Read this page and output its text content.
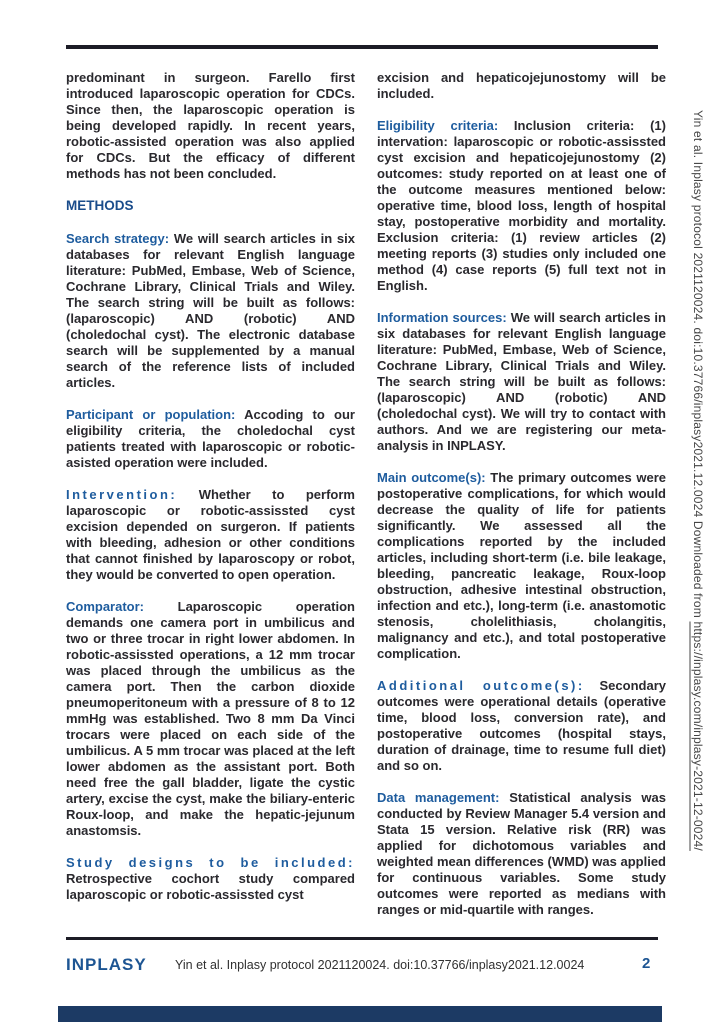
predominant in surgeon. Farello first introduced laparoscopic operation for CDCs. Since then, the laparoscopic operation is being developed rapidly. In recent years, robotic-assisted operation was also applied for CDCs. But the efficacy of different methods has not been concluded.

METHODS

Search strategy: We will search articles in six databases for relevant English language literature: PubMed, Embase, Web of Science, Cochrane Library, Clinical Trials and Wiley. The search string will be built as follows: (laparoscopic) AND (robotic) AND (choledochal cyst). The electronic database search will be supplemented by a manual search of the reference lists of included articles.

Participant or population: Accoding to our eligibility criteria, the choledochal cyst patients treated with laparoscopic or robotic-asisted operation were included.

Intervention: Whether to perform laparoscopic or robotic-assissted cyst excision depended on surgeron. If patients with bleeding, adhesion or other conditions that cannot finished by laparoscopy or robot, they would be converted to open operation.

Comparator:	Laparoscopic operation demands one camera port in umbilicus and two or three trocar in right lower abdomen. In robotic-assissted operations, a 12 mm trocar was placed through the umbilicus as the camera port. Then the carbon dioxide pneumoperitoneum with a pressure of 8 to 12 mmHg was established. Two 8 mm Da Vinci trocars were placed on each side of the umbilicus. A 5 mm trocar was placed at the left lower abdomen as the assistant port. Both need free the gall bladder, ligate the cystic artery, excise the cyst, make the biliary-enteric Roux-loop, and make the hepatic-jejunum anastomsis.

Study designs to be included: Retrospective cochort study compared laparoscopic or robotic-assissted cyst

excision and hepaticojejunostomy will be included.

Eligibility criteria: Inclusion criteria: (1) intervation: laparoscopic or robotic-assissted cyst excision and hepaticojejunostomy (2) outcomes: study reported on at least one of the outcome measures mentioned below: operative time, blood loss, length of hospital stay, postoperative morbidity and mortality. Exclusion criteria: (1) review articles (2) meeting reports (3) studies only included one method (4) case reports (5) full text not in English.

Information sources: We will search articles in six databases for relevant English language literature: PubMed, Embase, Web of Science, Cochrane Library, Clinical Trials and Wiley. The search string will be built as follows: (laparoscopic) AND (robotic) AND (choledochal cyst). We will try to contact with authors. And we are registering our meta-analysis in INPLASY.

Main outcome(s): The primary outcomes were postoperative complications, for which would decrease the quality of life for patients significantly. We assessed all the complications reported by the included articles, including short-term (i.e. bile leakage, bleeding, pancreatic leakage, Roux-loop obstruction, adhesive intestinal obstruction, infection and etc.), long-term (i.e. anastomotic stenosis, cholelithiasis, cholangitis, malignancy and etc.), and total postoperative complication.

Additional outcome(s): Secondary outcomes were operational details (operative time, blood loss, conversion rate), and postoperative outcomes (hospital stays, duration of drainage, time to resume full diet) and so on.

Data management: Statistical analysis was conducted by Review Manager 5.4 version and Stata 15 version. Relative risk (RR) was applied for dichotomous variables and weighted mean differences (WMD) was applied for continuous variables. Some study outcomes were reported as medians with ranges or mid-quartile with ranges.

Yin et al. Inplasy protocol 2021120024. doi:10.37766/inplasy2021.12.0024 Downloaded from https://inplasy.com/inplasy-2021-12-0024/
INPLASY Yin et al. Inplasy protocol 2021120024. doi:10.37766/inplasy2021.12.0024	2
